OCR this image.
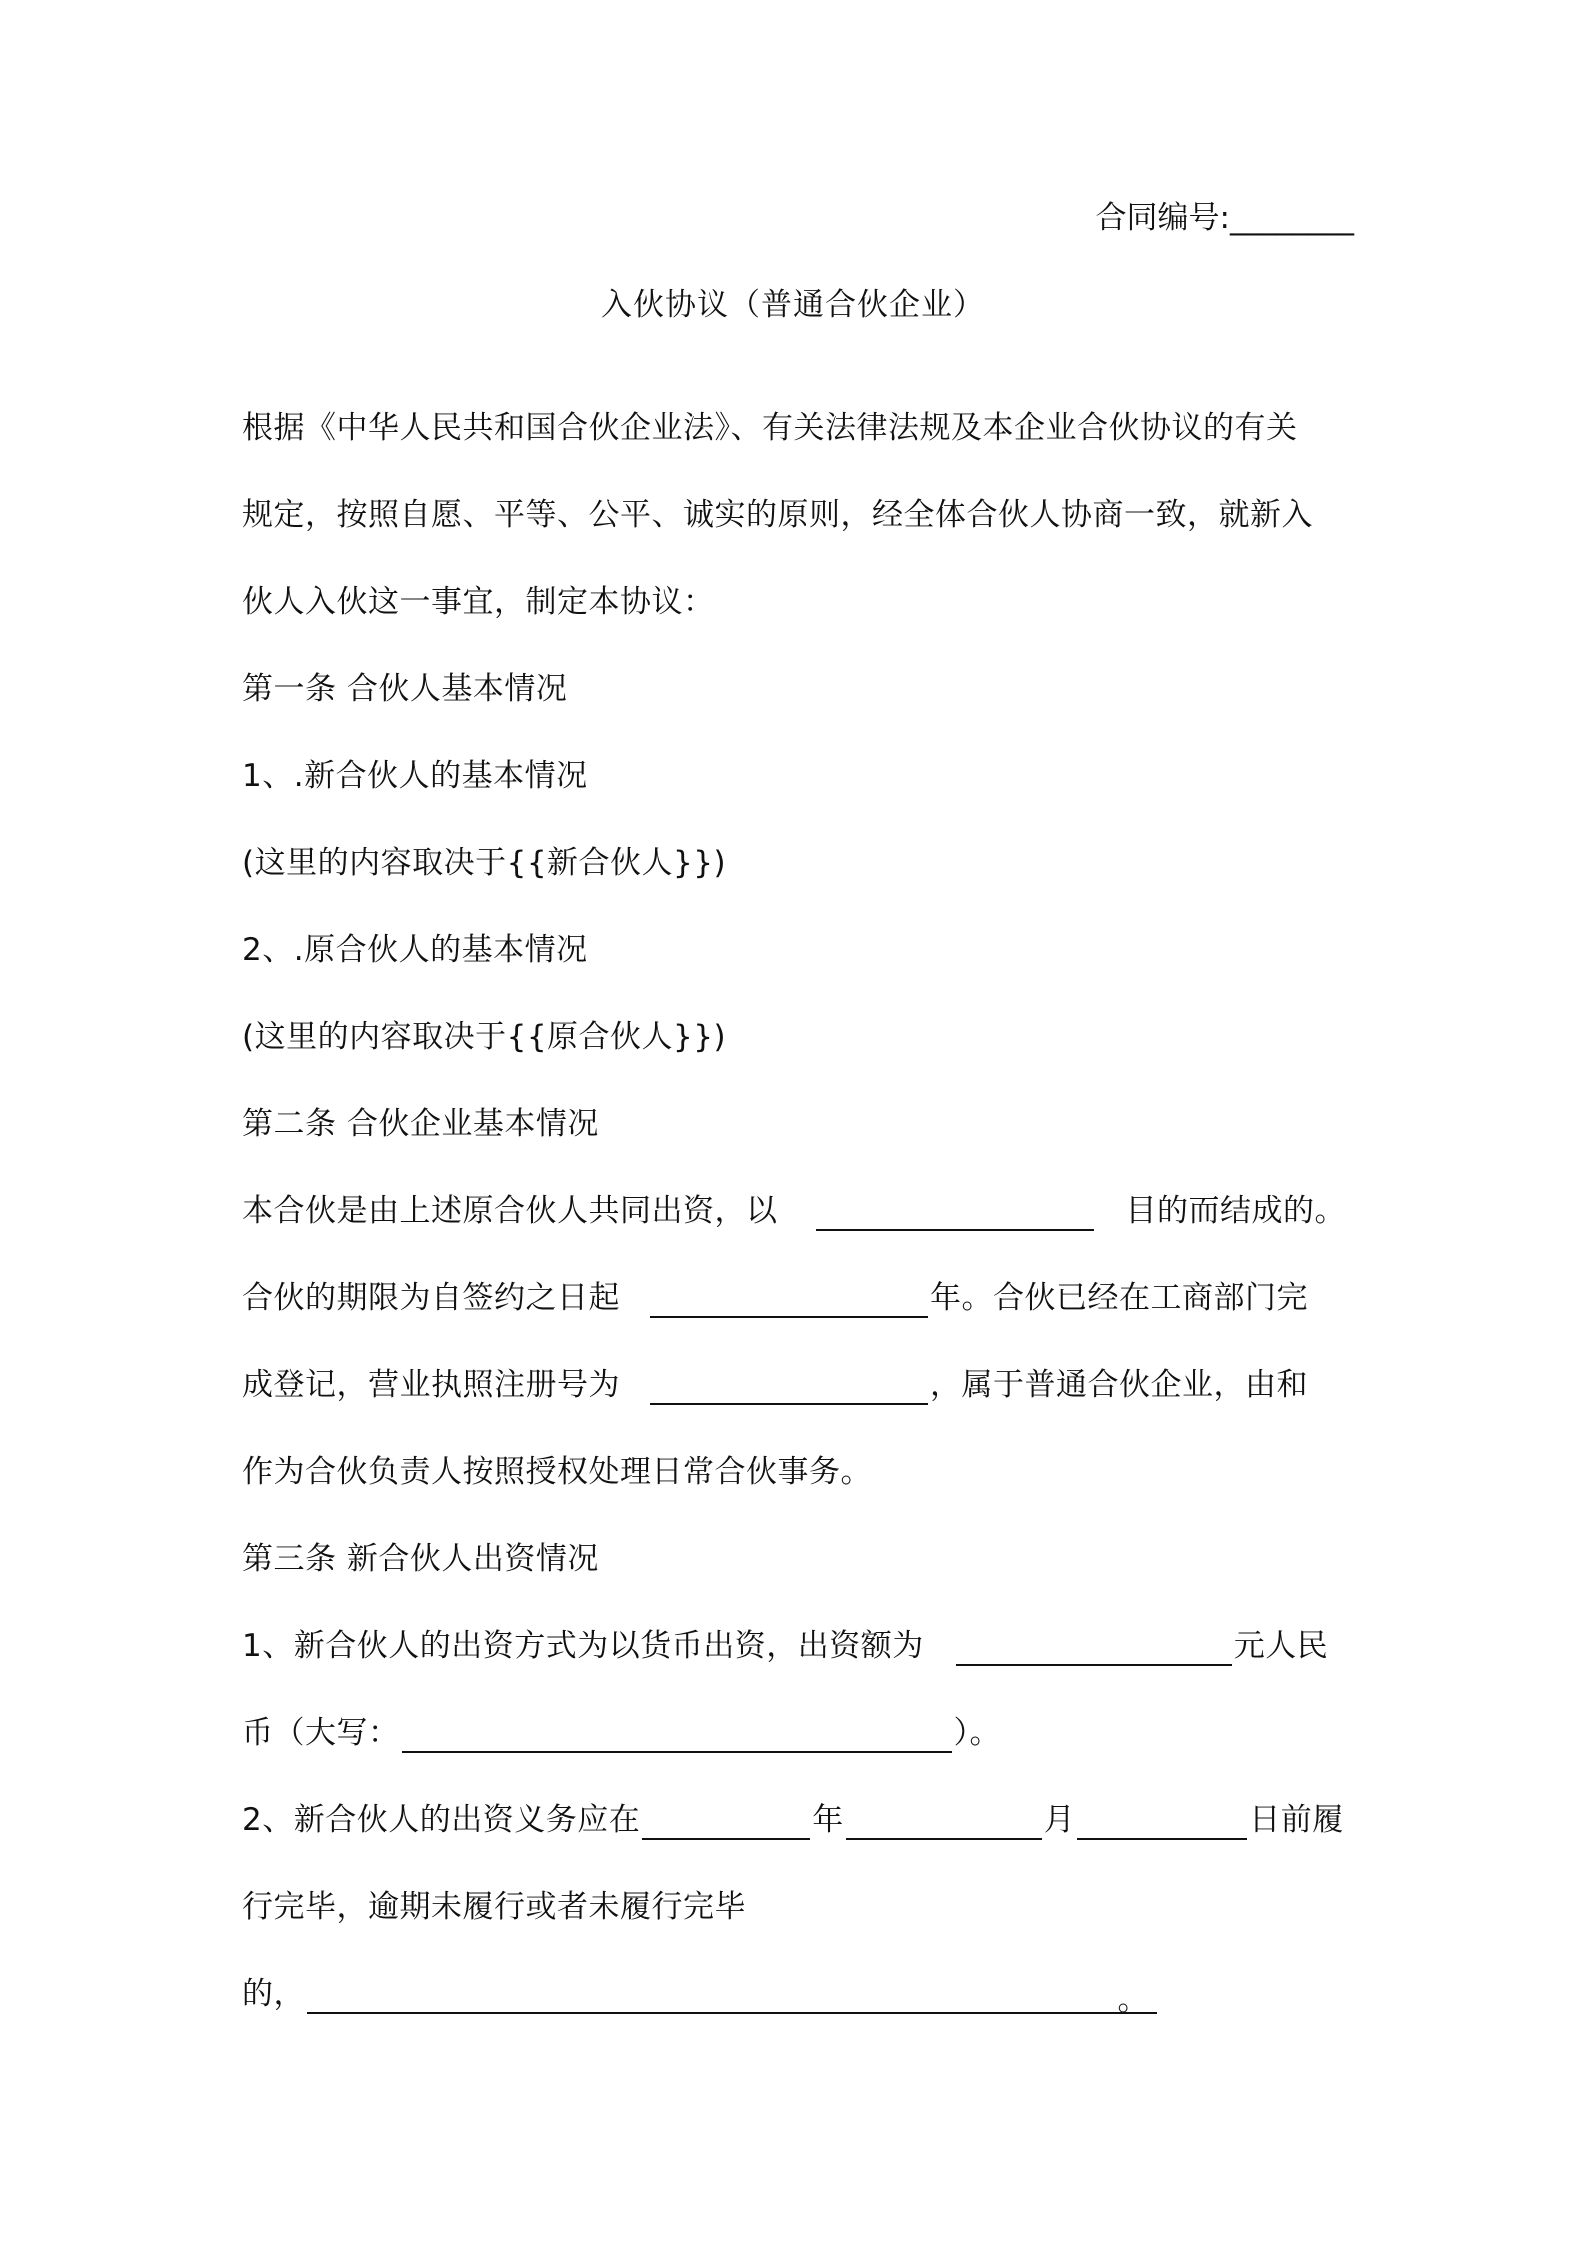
合同编号:________
入伙协议（普通合伙企业）
根据《中华人民共和国合伙企业法》、有关法律法规及本企业合伙协议的有关
规定，按照自愿、平等、公平、诚实的原则，经全体合伙人协商一致，就新入
伙人入伙这一事宜，制定本协议：
第一条 合伙人基本情况
1、.新合伙人的基本情况
(这里的内容取决于{{新合伙人}})
2、.原合伙人的基本情况
(这里的内容取决于{{原合伙人}})
第二条 合伙企业基本情况
本合伙是由上述原合伙人共同出资，以	目的而结成的。
合伙的期限为自签约之日起	年。合伙已经在工商部门完
成登记，营业执照注册号为	，属于普通合伙企业，由和
作为合伙负责人按照授权处理日常合伙事务。
第三条 新合伙人出资情况
1、新合伙人的出资方式为以货币出资，出资额为	元人民
币（大写：	）。
2、新合伙人的出资义务应在	年	月	日前履
行完毕，逾期未履行或者未履行完毕
的，	。
